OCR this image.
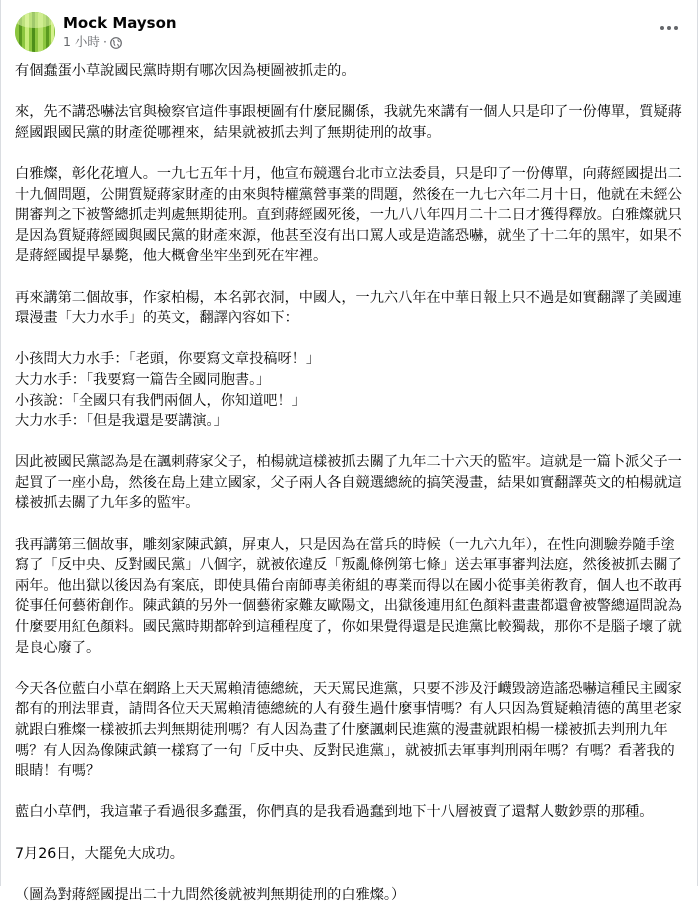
Mock Mayson
1 小時 ·

有個蠢蛋小草說國民黨時期有哪次因為梗圖被抓走的。

來，先不講恐嚇法官與檢察官這件事跟梗圖有什麼屁關係，我就先來講有一個人只是印了一份傳單，質疑蔣經國跟國民黨的財產從哪裡來，結果就被抓去判了無期徒刑的故事。

白雅燦，彰化花壇人。一九七五年十月，他宣布競選台北市立法委員，只是印了一份傳單，向蔣經國提出二十九個問題，公開質疑蔣家財產的由來與特權黨營事業的問題，然後在一九七六年二月十日，他就在未經公開審判之下被警總抓走判處無期徒刑。直到蔣經國死後，一九八八年四月二十二日才獲得釋放。白雅燦就只是因為質疑蔣經國與國民黨的財產來源，他甚至沒有出口罵人或是造謠恐嚇，就坐了十二年的黑牢，如果不是蔣經國提早暴斃，他大概會坐牢坐到死在牢裡。

再來講第二個故事，作家柏楊，本名郭衣洞，中國人，一九六八年在中華日報上只不過是如實翻譯了美國連環漫畫「大力水手」的英文，翻譯內容如下：

小孩問大力水手：「老頭，你要寫文章投稿呀！」
大力水手：「我要寫一篇告全國同胞書。」
小孩說：「全國只有我們兩個人，你知道吧！」
大力水手：「但是我還是要講演。」

因此被國民黨認為是在諷刺蔣家父子，柏楊就這樣被抓去關了九年二十六天的監牢。這就是一篇卜派父子一起買了一座小島，然後在島上建立國家，父子兩人各自競選總統的搞笑漫畫，結果如實翻譯英文的柏楊就這樣被抓去關了九年多的監牢。

我再講第三個故事，雕刻家陳武鎮，屏東人，只是因為在當兵的時候（一九六九年），在性向測驗券隨手塗寫了「反中央、反對國民黨」八個字，就被依違反「叛亂條例第七條」送去軍事審判法庭，然後被抓去關了兩年。他出獄以後因為有案底，即使具備台南師專美術組的專業而得以在國小從事美術教育，個人也不敢再從事任何藝術創作。陳武鎮的另外一個藝術家難友歐陽文，出獄後連用紅色顏料畫畫都還會被警總逼問說為什麼要用紅色顏料。國民黨時期都幹到這種程度了，你如果覺得還是民進黨比較獨裁，那你不是腦子壞了就是良心廢了。

今天各位藍白小草在網路上天天罵賴清德總統，天天罵民進黨，只要不涉及汙衊毀謗造謠恐嚇這種民主國家都有的刑法罪責，請問各位天天罵賴清德總統的人有發生過什麼事情嗎？有人只因為質疑賴清德的萬里老家就跟白雅燦一樣被抓去判無期徒刑嗎？有人因為畫了什麼諷刺民進黨的漫畫就跟柏楊一樣被抓去判刑九年嗎？有人因為像陳武鎮一樣寫了一句「反中央、反對民進黨」，就被抓去軍事判刑兩年嗎？有嗎？看著我的眼睛！有嗎？

藍白小草們，我這輩子看過很多蠢蛋，你們真的是我看過蠢到地下十八層被賣了還幫人數鈔票的那種。

7月26日，大罷免大成功。

（圖為對蔣經國提出二十九問然後就被判無期徒刑的白雅燦。）
